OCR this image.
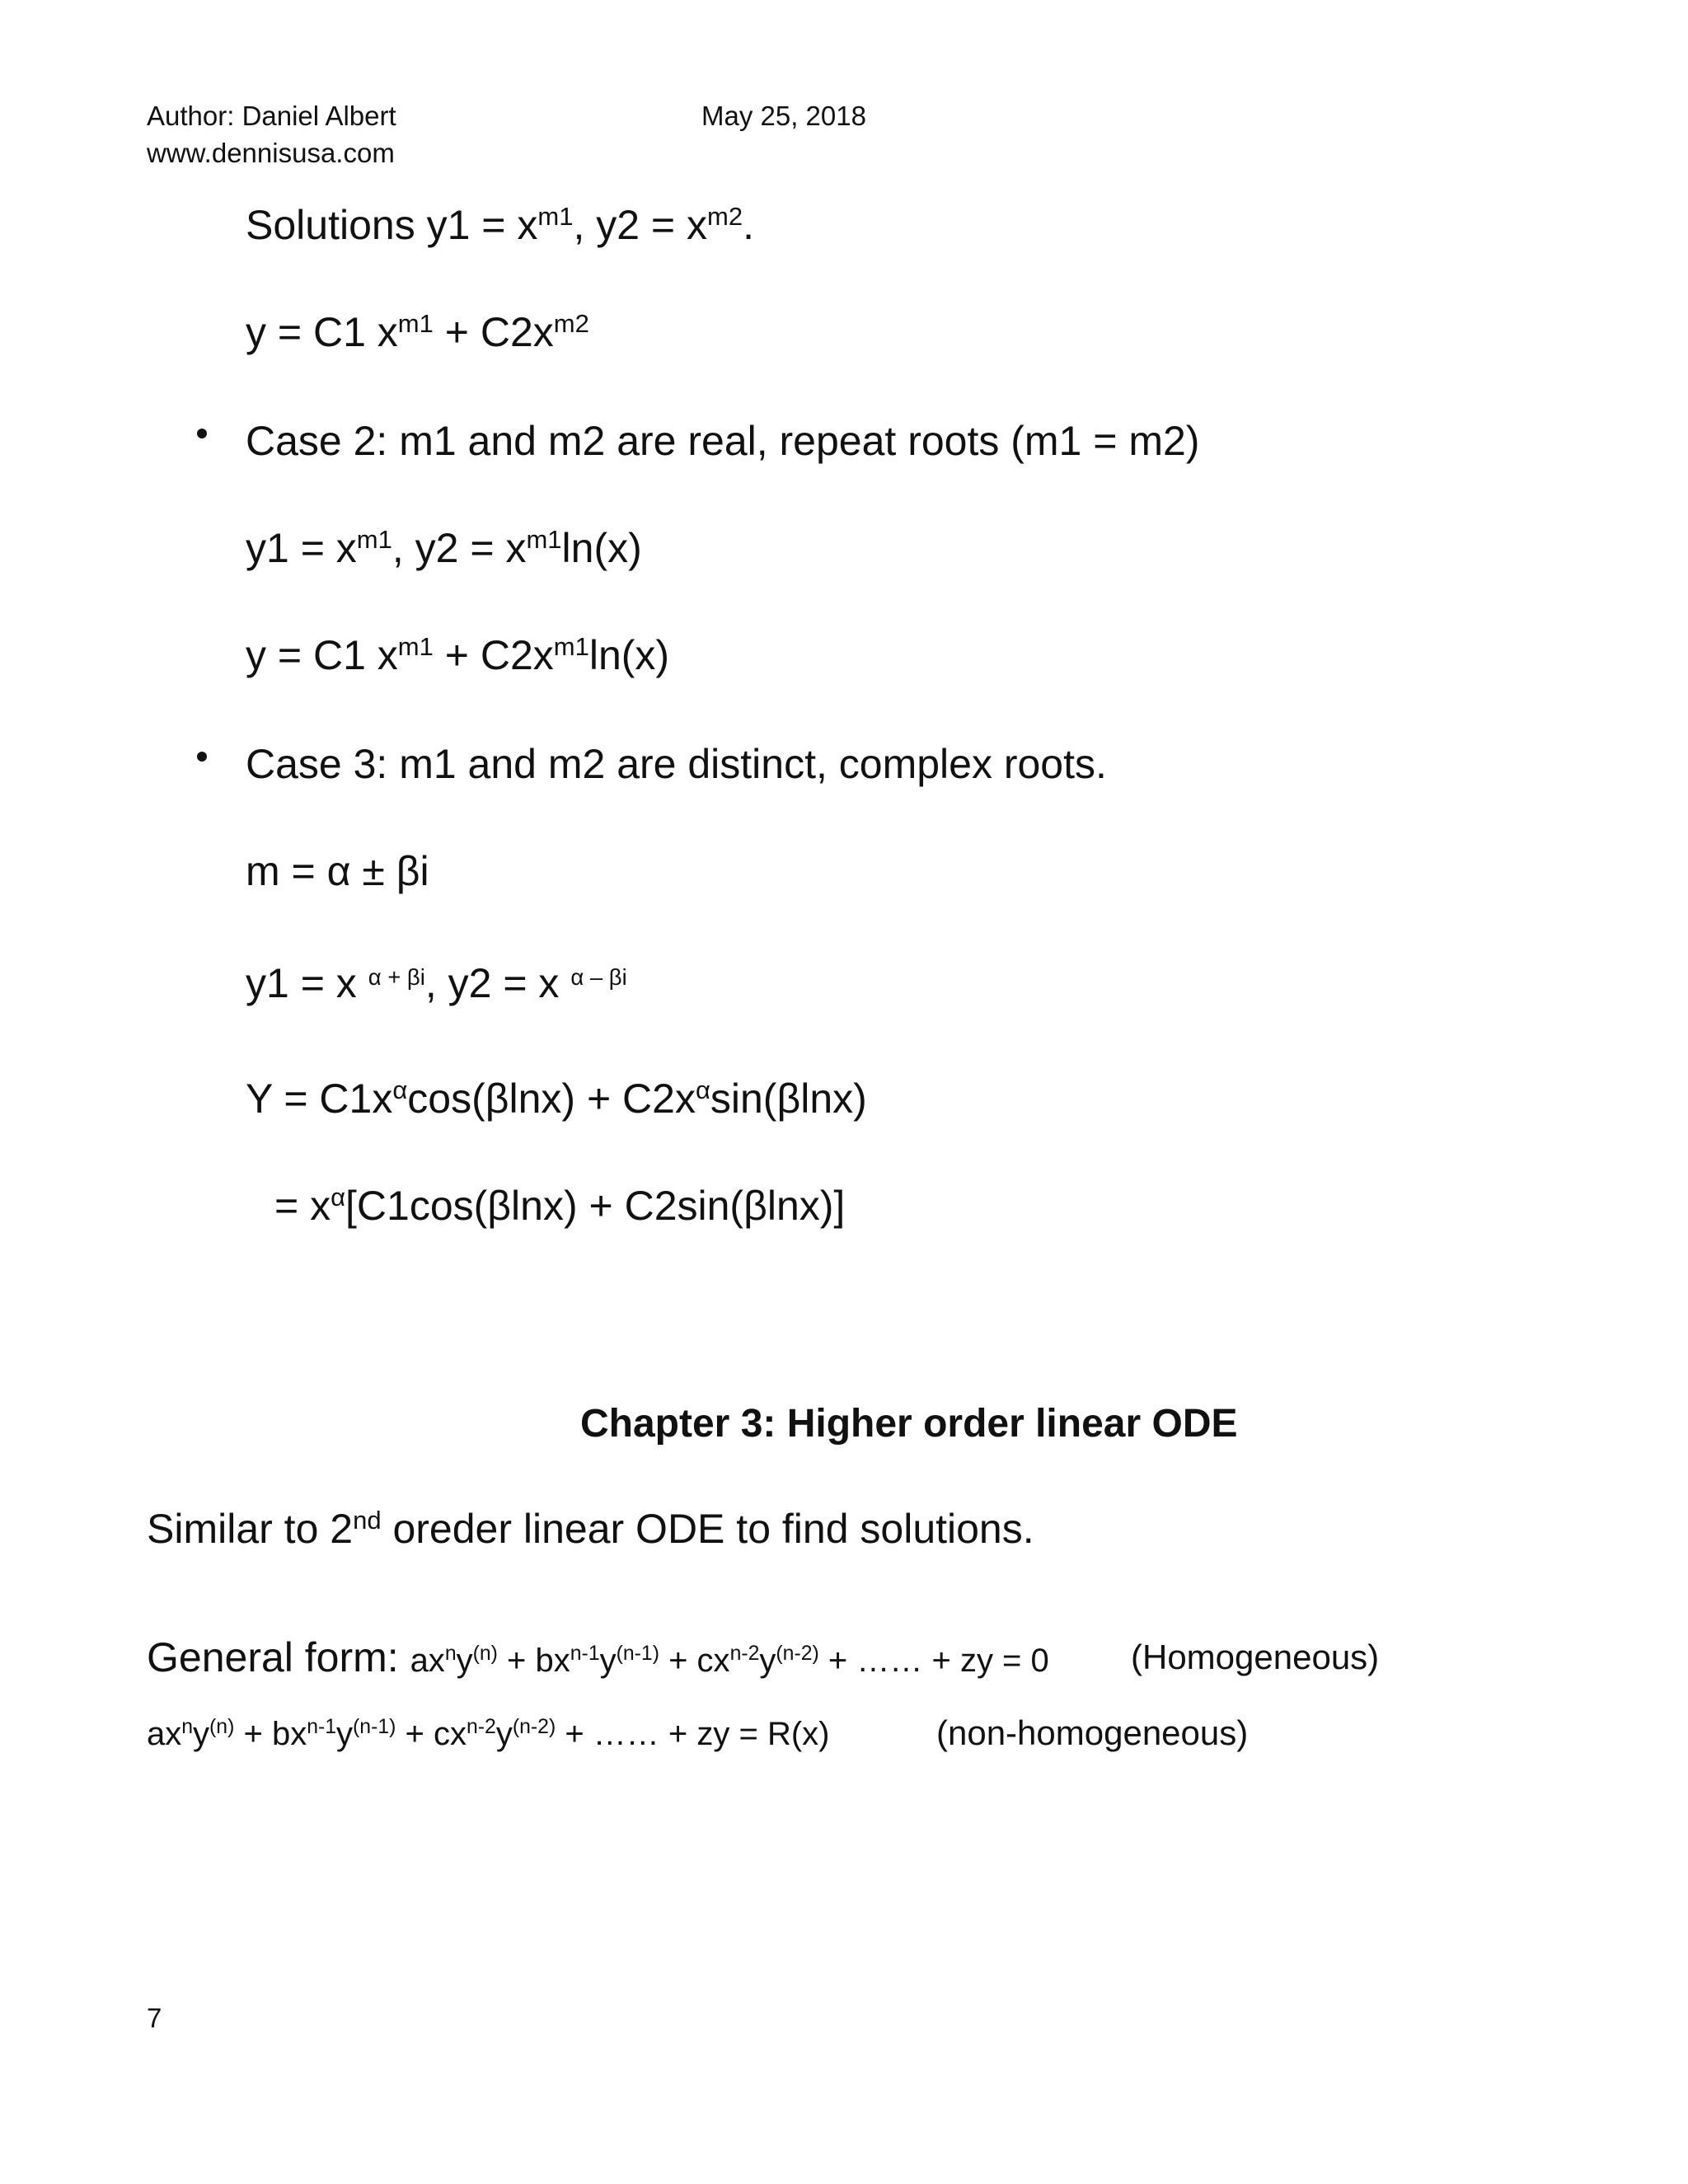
Author: Daniel Albert	May 25, 2018
www.dennisusa.com
Solutions $y1 = x^{m1}$, $y2 = x^{m2}$.
y = C1 $x^{m1} + C2x^{m2}$
Case 2: m1 and m2 are real, repeat roots (m1 = m2)
$y1 = x^{m1}$, $y2 = x^{m1}\ln(x)$
y = C1 $x^{m1} + C2x^{m1}\ln(x)$
Case 3: m1 and m2 are distinct, complex roots.
m = α ± βi
y1 = x $^{\alpha + \beta i}$, y2 = x $^{\alpha - \beta i}$
$Y = C1x^\alpha\cos(\beta\ln x) + C2x^\alpha\sin(\beta\ln x)$
= $x^\alpha[C1\cos(\beta\ln x) + C2\sin(\beta\ln x)]$
Chapter 3: Higher order linear ODE
Similar to 2nd oreder linear ODE to find solutions.
General form: $ax^ny^{(n)} + bx^{n-1}y^{(n-1)} + cx^{n-2}y^{(n-2)}$ + …… + zy = 0 (Homogeneous)
$ax^ny^{(n)} + bx^{n-1}y^{(n-1)} + cx^{n-2}y^{(n-2)}$ + …… + zy = R(x)	(non-homogeneous)
7
